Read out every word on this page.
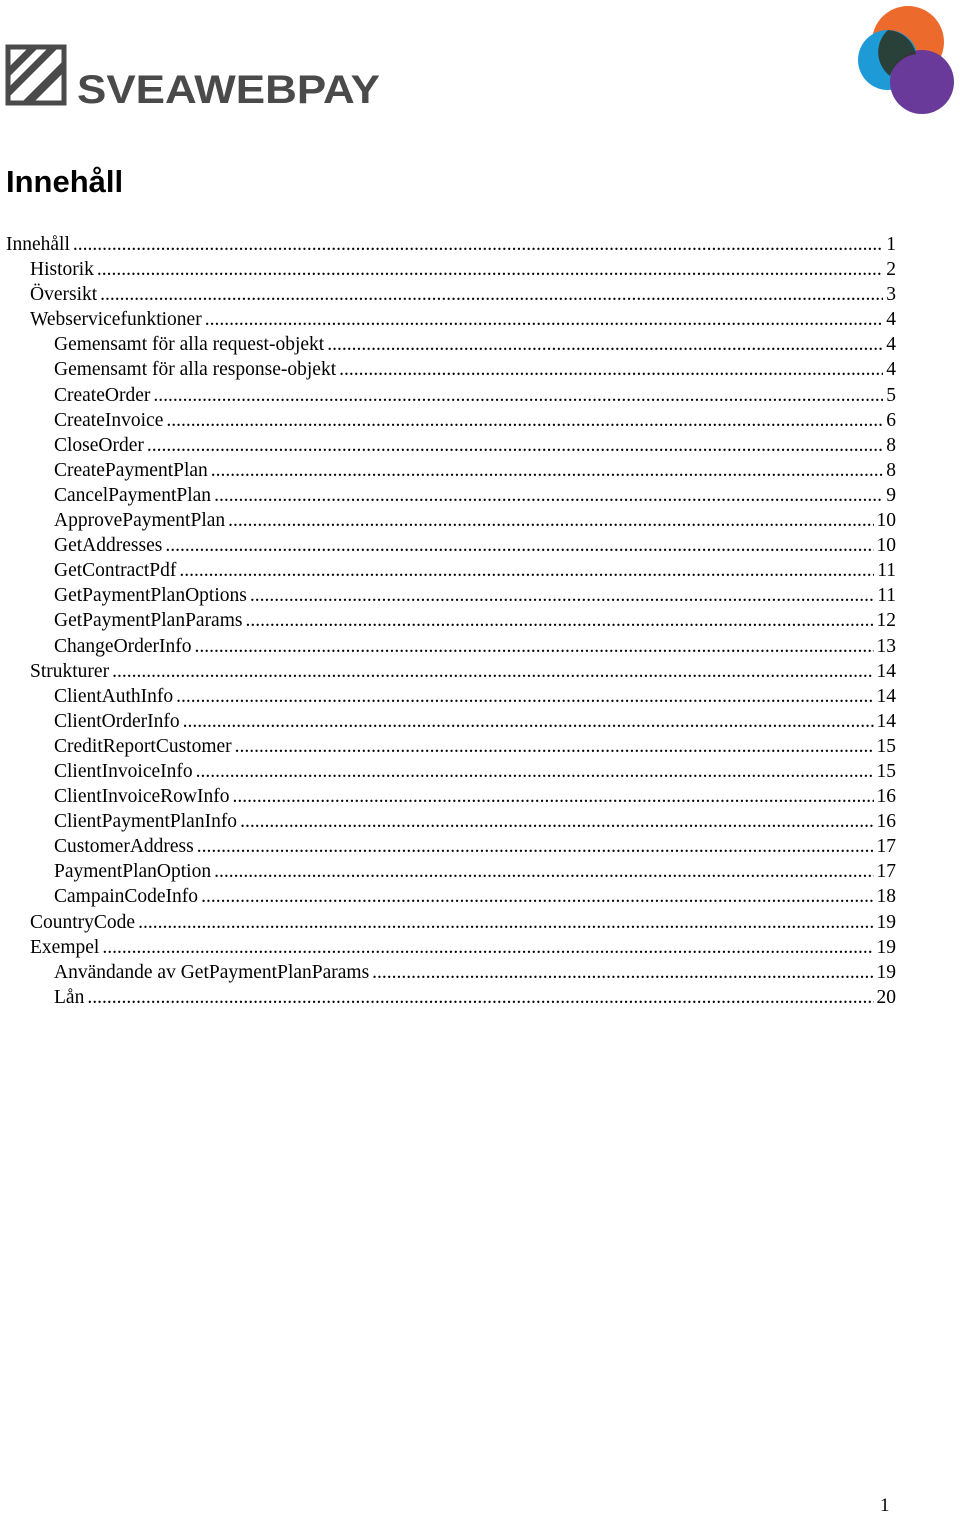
SVEAWEBPAY
Innehåll
Innehåll .....	1
Historik .....	2
Översikt .....	3
Webservicefunktioner .....	4
Gemensamt för alla request-objekt .....	4
Gemensamt för alla response-objekt .....	4
CreateOrder .....	5
CreateInvoice .....	6
CloseOrder .....	8
CreatePaymentPlan .....	8
CancelPaymentPlan .....	9
ApprovePaymentPlan .....	10
GetAddresses .....	10
GetContractPdf .....	11
GetPaymentPlanOptions .....	11
GetPaymentPlanParams .....	12
ChangeOrderInfo .....	13
Strukturer .....	14
ClientAuthInfo .....	14
ClientOrderInfo .....	14
CreditReportCustomer .....	15
ClientInvoiceInfo .....	15
ClientInvoiceRowInfo .....	16
ClientPaymentPlanInfo .....	16
CustomerAddress .....	17
PaymentPlanOption .....	17
CampainCodeInfo .....	18
CountryCode .....	19
Exempel .....	19
Användande av GetPaymentPlanParams .....	19
Lån .....	20
1
